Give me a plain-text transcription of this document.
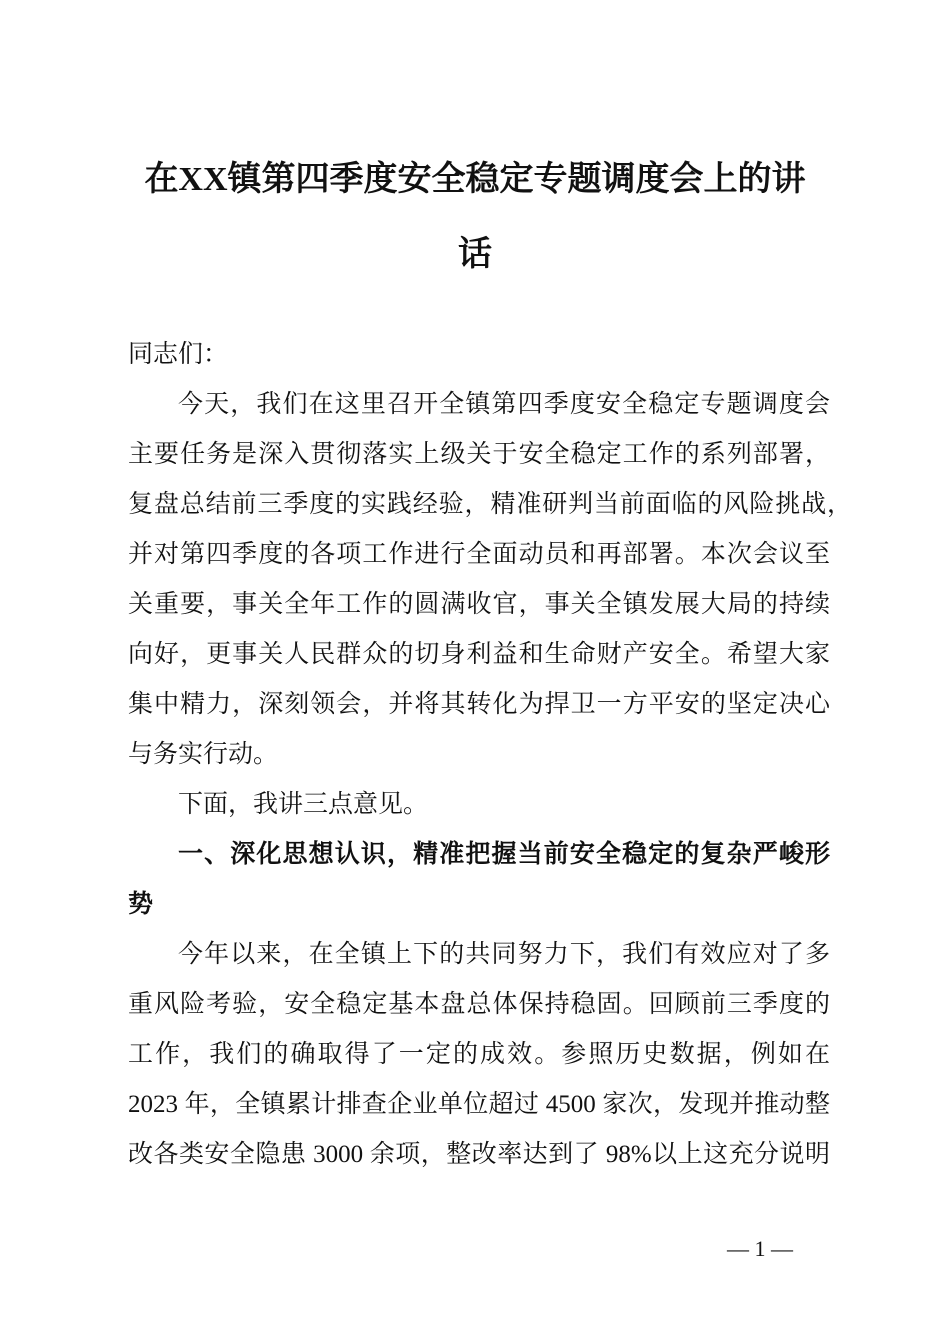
在XX镇第四季度安全稳定专题调度会上的讲
话
同志们：
今天，我们在这里召开全镇第四季度安全稳定专题调度会
主要任务是深入贯彻落实上级关于安全稳定工作的系列部署，
复盘总结前三季度的实践经验，精准研判当前面临的风险挑战，
并对第四季度的各项工作进行全面动员和再部署。本次会议至
关重要，事关全年工作的圆满收官，事关全镇发展大局的持续
向好，更事关人民群众的切身利益和生命财产安全。希望大家
集中精力，深刻领会，并将其转化为捍卫一方平安的坚定决心
与务实行动。
下面，我讲三点意见。
一、深化思想认识，精准把握当前安全稳定的复杂严峻形
势
今年以来，在全镇上下的共同努力下，我们有效应对了多
重风险考验，安全稳定基本盘总体保持稳固。回顾前三季度的
工作，我们的确取得了一定的成效。参照历史数据，例如在
2023 年，全镇累计排查企业单位超过 4500 家次，发现并推动整
改各类安全隐患 3000 余项，整改率达到了 98%以上这充分说明
— 1 —
